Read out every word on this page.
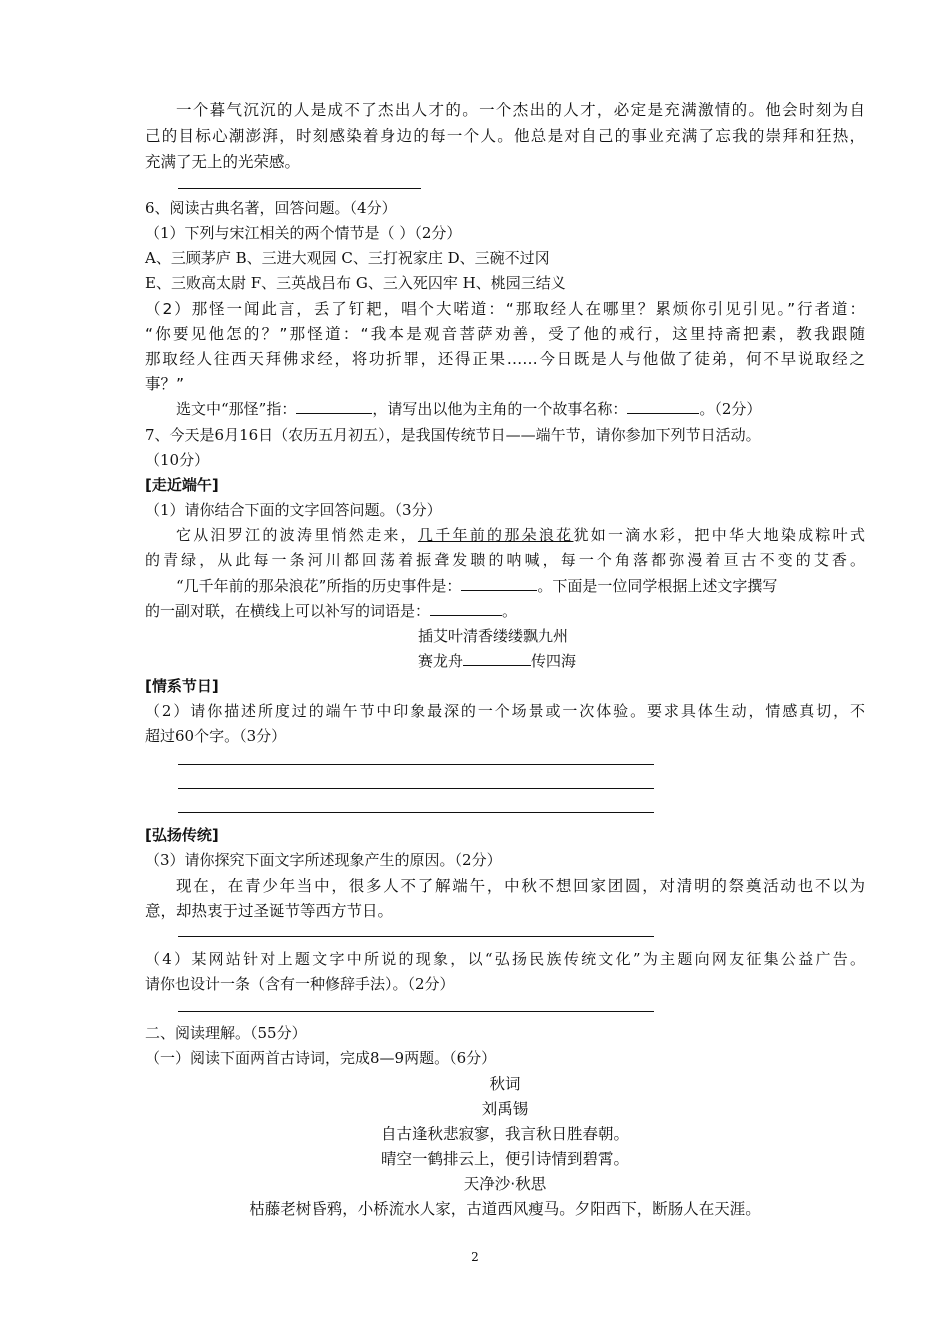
一个暮气沉沉的人是成不了杰出人才的。一个杰出的人才，必定是充满激情的。他会时刻为自
己的目标心潮澎湃，时刻感染着身边的每一个人。他总是对自己的事业充满了忘我的崇拜和狂热，
充满了无上的光荣感。
6、阅读古典名著，回答问题。（4分）
（1）下列与宋江相关的两个情节是（ ）（2分）
A、三顾茅庐 B、三进大观园 C、三打祝家庄 D、三碗不过冈
E、三败高太尉 F、三英战吕布 G、三入死囚牢 H、桃园三结义
（2）那怪一闻此言，丢了钉耙，唱个大喏道：“那取经人在哪里？累烦你引见引见。”行者道：
“你要见他怎的？”那怪道：“我本是观音菩萨劝善，受了他的戒行，这里持斋把素，教我跟随
那取经人往西天拜佛求经，将功折罪，还得正果……今日既是人与他做了徒弟，何不早说取经之
事？”
选文中“那怪”指：	，请写出以他为主角的一个故事名称：	。（2分）
7、今天是6月16日（农历五月初五），是我国传统节日——端午节，请你参加下列节日活动。
（10分）
[走近端午]
（1）请你结合下面的文字回答问题。（3分）
它从汨罗江的波涛里悄然走来，几千年前的那朵浪花犹如一滴水彩，把中华大地染成粽叶式
的青绿，从此每一条河川都回荡着振聋发聩的呐喊，每一个角落都弥漫着亘古不变的艾香。
“几千年前的那朵浪花”所指的历史事件是：	。下面是一位同学根据上述文字撰写
的一副对联，在横线上可以补写的词语是：	。
插艾叶清香缕缕飘九州
赛龙舟	传四海
[情系节日]
（2）请你描述所度过的端午节中印象最深的一个场景或一次体验。要求具体生动，情感真切，不
超过60个字。（3分）
[弘扬传统]
（3）请你探究下面文字所述现象产生的原因。（2分）
现在，在青少年当中，很多人不了解端午，中秋不想回家团圆，对清明的祭奠活动也不以为
意，却热衷于过圣诞节等西方节日。
（4）某网站针对上题文字中所说的现象，以“弘扬民族传统文化”为主题向网友征集公益广告。
请你也设计一条（含有一种修辞手法）。（2分）
二、阅读理解。（55分）
（一）阅读下面两首古诗词，完成8—9两题。（6分）
秋词
刘禹锡
自古逢秋悲寂寥，我言秋日胜春朝。
晴空一鹤排云上，便引诗情到碧霄。
天净沙·秋思
枯藤老树昏鸦，小桥流水人家，古道西风瘦马。夕阳西下，断肠人在天涯。
2
